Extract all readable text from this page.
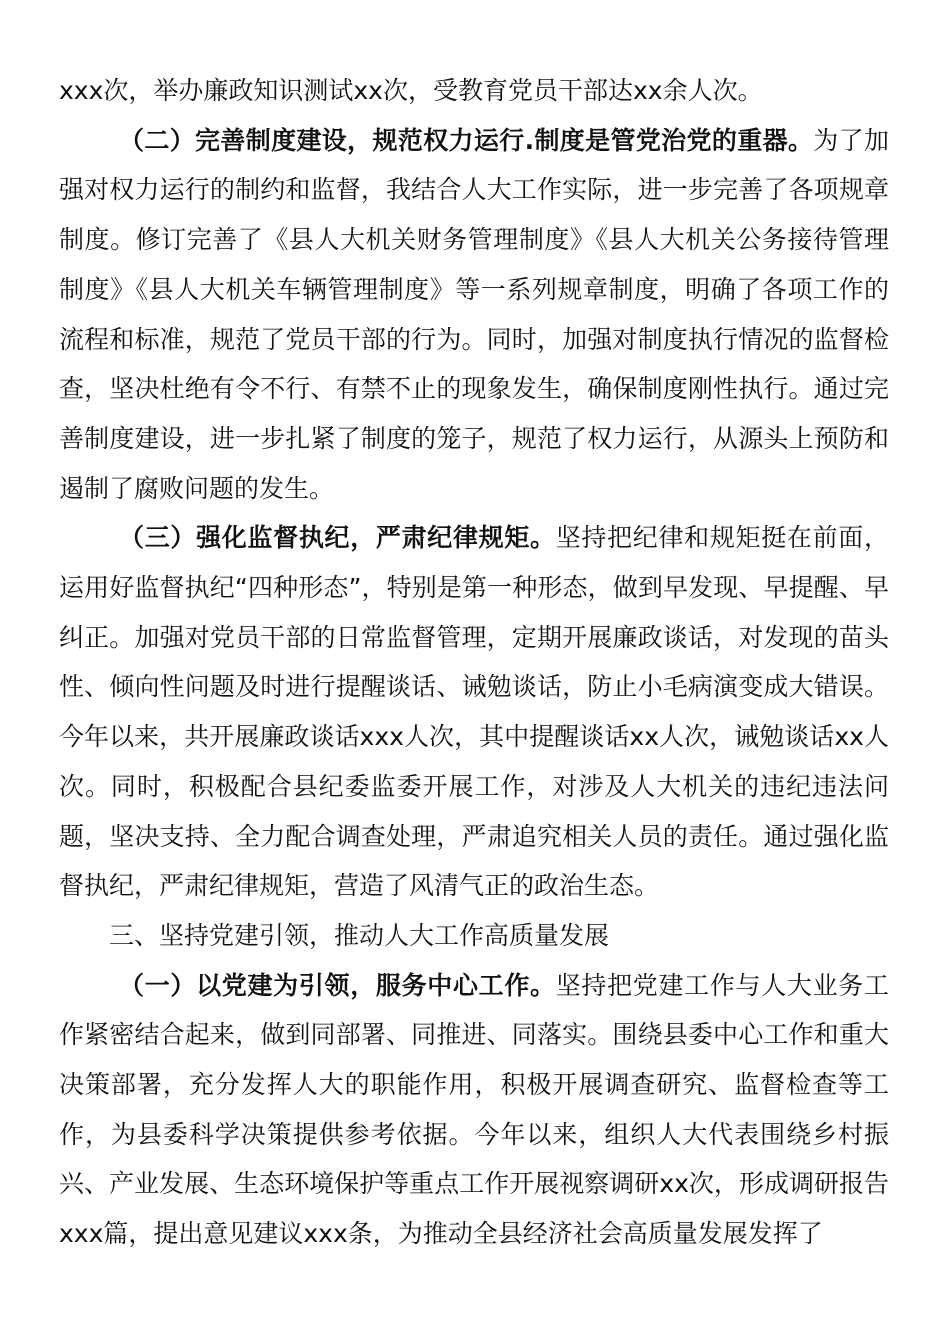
xxx次，举办廉政知识测试xx次，受教育党员干部达xx余人次。

（二）完善制度建设，规范权力运行.制度是管党治党的重器。为了加强对权力运行的制约和监督，我结合人大工作实际，进一步完善了各项规章制度。修订完善了《县人大机关财务管理制度》《县人大机关公务接待管理制度》《县人大机关车辆管理制度》等一系列规章制度，明确了各项工作的流程和标准，规范了党员干部的行为。同时，加强对制度执行情况的监督检查，坚决杜绝有令不行、有禁不止的现象发生，确保制度刚性执行。通过完善制度建设，进一步扎紧了制度的笼子，规范了权力运行，从源头上预防和遏制了腐败问题的发生。

（三）强化监督执纪，严肃纪律规矩。坚持把纪律和规矩挺在前面，运用好监督执纪“四种形态”，特别是第一种形态，做到早发现、早提醒、早纠正。加强对党员干部的日常监督管理，定期开展廉政谈话，对发现的苗头性、倾向性问题及时进行提醒谈话、诫勉谈话，防止小毛病演变成大错误。今年以来，共开展廉政谈话xxx人次，其中提醒谈话xx人次，诫勉谈话xx人次。同时，积极配合县纪委监委开展工作，对涉及人大机关的违纪违法问题，坚决支持、全力配合调查处理，严肃追究相关人员的责任。通过强化监督执纪，严肃纪律规矩，营造了风清气正的政治生态。

三、坚持党建引领，推动人大工作高质量发展

（一）以党建为引领，服务中心工作。坚持把党建工作与人大业务工作紧密结合起来，做到同部署、同推进、同落实。围绕县委中心工作和重大决策部署，充分发挥人大的职能作用，积极开展调查研究、监督检查等工作，为县委科学决策提供参考依据。今年以来，组织人大代表围绕乡村振兴、产业发展、生态环境保护等重点工作开展视察调研xx次，形成调研报告xxx篇，提出意见建议xxx条，为推动全县经济社会高质量发展发挥了
